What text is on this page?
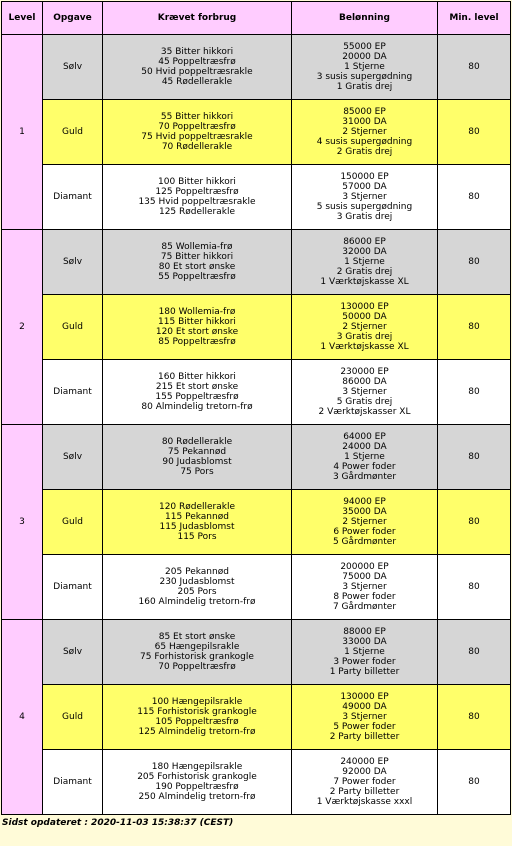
Level	Opgave	Krævet forbrug	Belønning	Min. level
1	Sølv	35 Bitter hikkori
45 Poppeltræsfrø
50 Hvid poppeltræsrakle
45 Rødellerakle	55000 EP
20000 DA
1 Stjerne
3 susis supergødning
1 Gratis drej	80
	Guld	55 Bitter hikkori
70 Poppeltræsfrø
75 Hvid poppeltræsrakle
70 Rødellerakle	85000 EP
31000 DA
2 Stjerner
4 susis supergødning
2 Gratis drej	80
	Diamant	100 Bitter hikkori
125 Poppeltræsfrø
135 Hvid poppeltræsrakle
125 Rødellerakle	150000 EP
57000 DA
3 Stjerner
5 susis supergødning
3 Gratis drej	80
2	Sølv	85 Wollemia-frø
75 Bitter hikkori
80 Et stort ønske
55 Poppeltræsfrø	86000 EP
32000 DA
1 Stjerne
2 Gratis drej
1 Værktøjskasse XL	80
	Guld	180 Wollemia-frø
115 Bitter hikkori
120 Et stort ønske
85 Poppeltræsfrø	130000 EP
50000 DA
2 Stjerner
3 Gratis drej
1 Værktøjskasse XL	80
	Diamant	160 Bitter hikkori
215 Et stort ønske
155 Poppeltræsfrø
80 Almindelig tretorn-frø	230000 EP
86000 DA
3 Stjerner
5 Gratis drej
2 Værktøjskasser XL	80
3	Sølv	80 Rødellerakle
75 Pekannød
90 Judasblomst
75 Pors	64000 EP
24000 DA
1 Stjerne
4 Power foder
3 Gårdmønter	80
	Guld	120 Rødellerakle
115 Pekannød
115 Judasblomst
115 Pors	94000 EP
35000 DA
2 Stjerner
6 Power foder
5 Gårdmønter	80
	Diamant	205 Pekannød
230 Judasblomst
205 Pors
160 Almindelig tretorn-frø	200000 EP
75000 DA
3 Stjerner
8 Power foder
7 Gårdmønter	80
4	Sølv	85 Et stort ønske
65 Hængepilsrakle
75 Forhistorisk grankogle
70 Poppeltræsfrø	88000 EP
33000 DA
1 Stjerne
3 Power foder
1 Party billetter	80
	Guld	100 Hængepilsrakle
115 Forhistorisk grankogle
105 Poppeltræsfrø
125 Almindelig tretorn-frø	130000 EP
49000 DA
3 Stjerner
5 Power foder
2 Party billetter	80
	Diamant	180 Hængepilsrakle
205 Forhistorisk grankogle
190 Poppeltræsfrø
250 Almindelig tretorn-frø	240000 EP
92000 DA
7 Power foder
2 Party billetter
1 Værktøjskasse xxxl	80
Sidst opdateret : 2020-11-03 15:38:37 (CEST)
